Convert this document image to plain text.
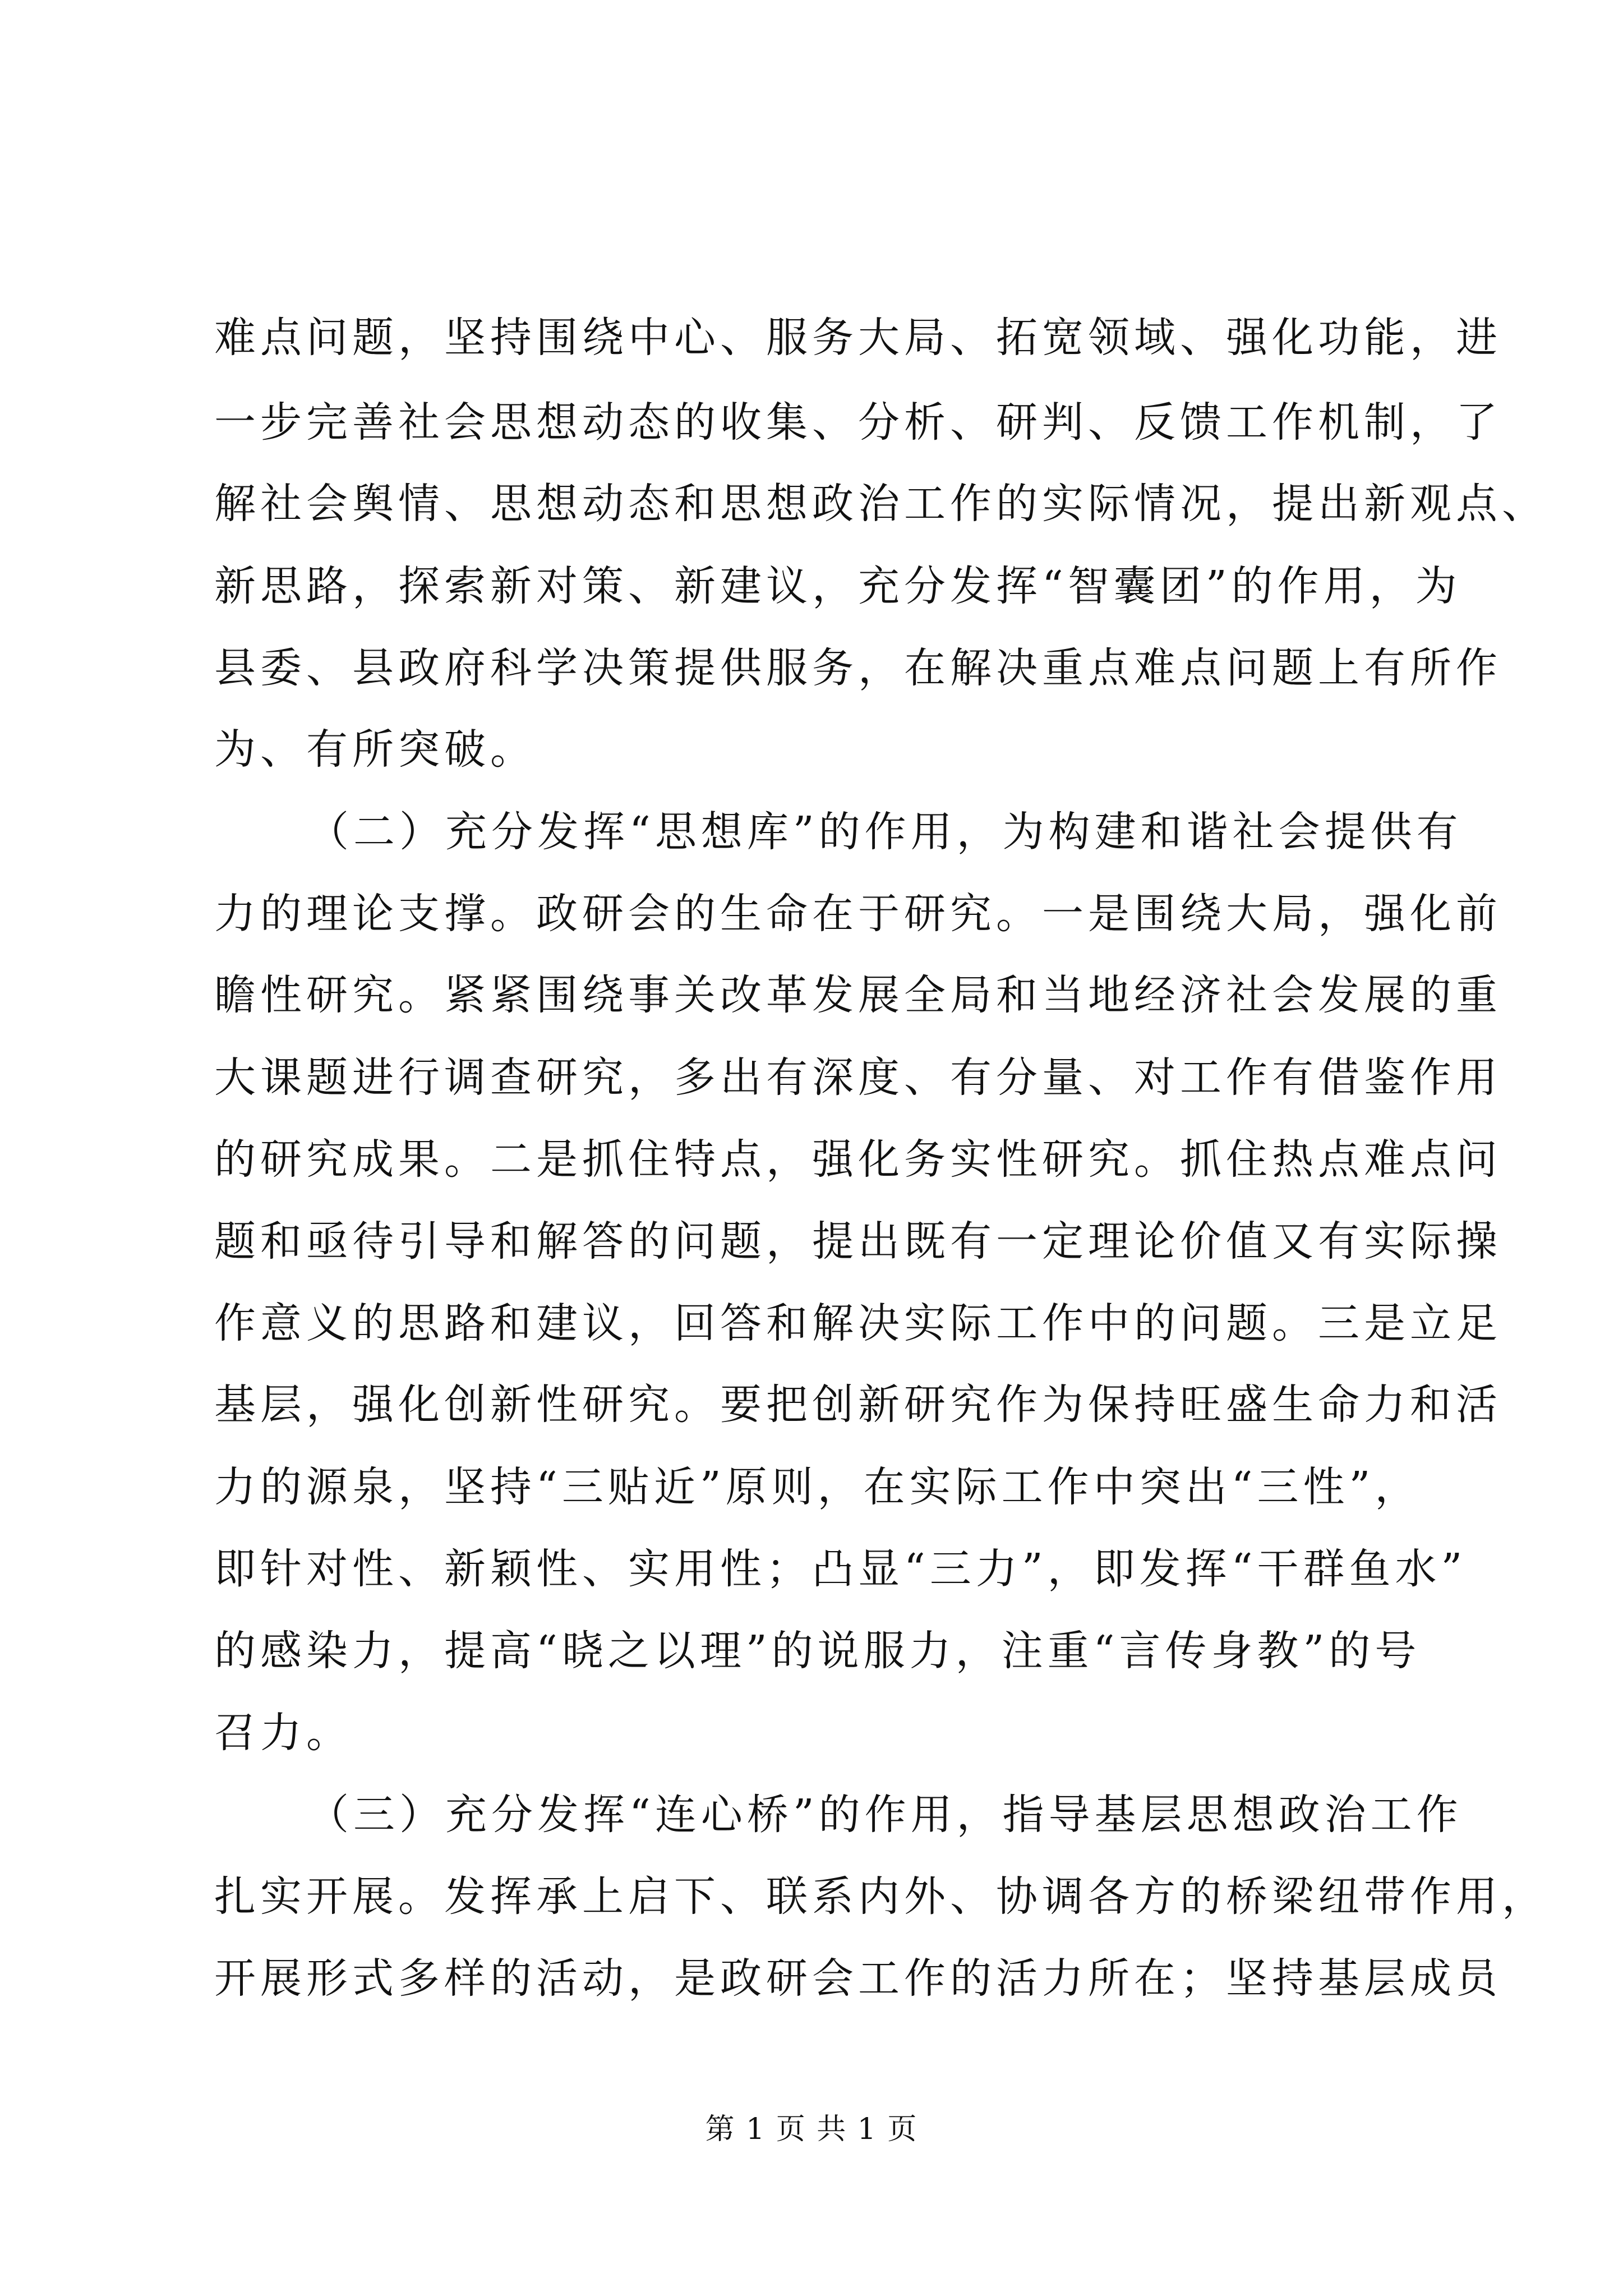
难点问题，坚持围绕中心、服务大局、拓宽领域、强化功能，进
一步完善社会思想动态的收集、分析、研判、反馈工作机制，了
解社会舆情、思想动态和思想政治工作的实际情况，提出新观点、
新思路，探索新对策、新建议，充分发挥“智囊团”的作用，为
县委、县政府科学决策提供服务，在解决重点难点问题上有所作
为、有所突破。
（二）充分发挥“思想库”的作用，为构建和谐社会提供有
力的理论支撑。政研会的生命在于研究。一是围绕大局，强化前
瞻性研究。紧紧围绕事关改革发展全局和当地经济社会发展的重
大课题进行调查研究，多出有深度、有分量、对工作有借鉴作用
的研究成果。二是抓住特点，强化务实性研究。抓住热点难点问
题和亟待引导和解答的问题，提出既有一定理论价值又有实际操
作意义的思路和建议，回答和解决实际工作中的问题。三是立足
基层，强化创新性研究。要把创新研究作为保持旺盛生命力和活
力的源泉，坚持“三贴近”原则，在实际工作中突出“三性”，
即针对性、新颖性、实用性；凸显“三力”，即发挥“干群鱼水”
的感染力，提高“晓之以理”的说服力，注重“言传身教”的号
召力。
（三）充分发挥“连心桥”的作用，指导基层思想政治工作
扎实开展。发挥承上启下、联系内外、协调各方的桥梁纽带作用，
开展形式多样的活动，是政研会工作的活力所在；坚持基层成员
第 1 页 共 1 页
